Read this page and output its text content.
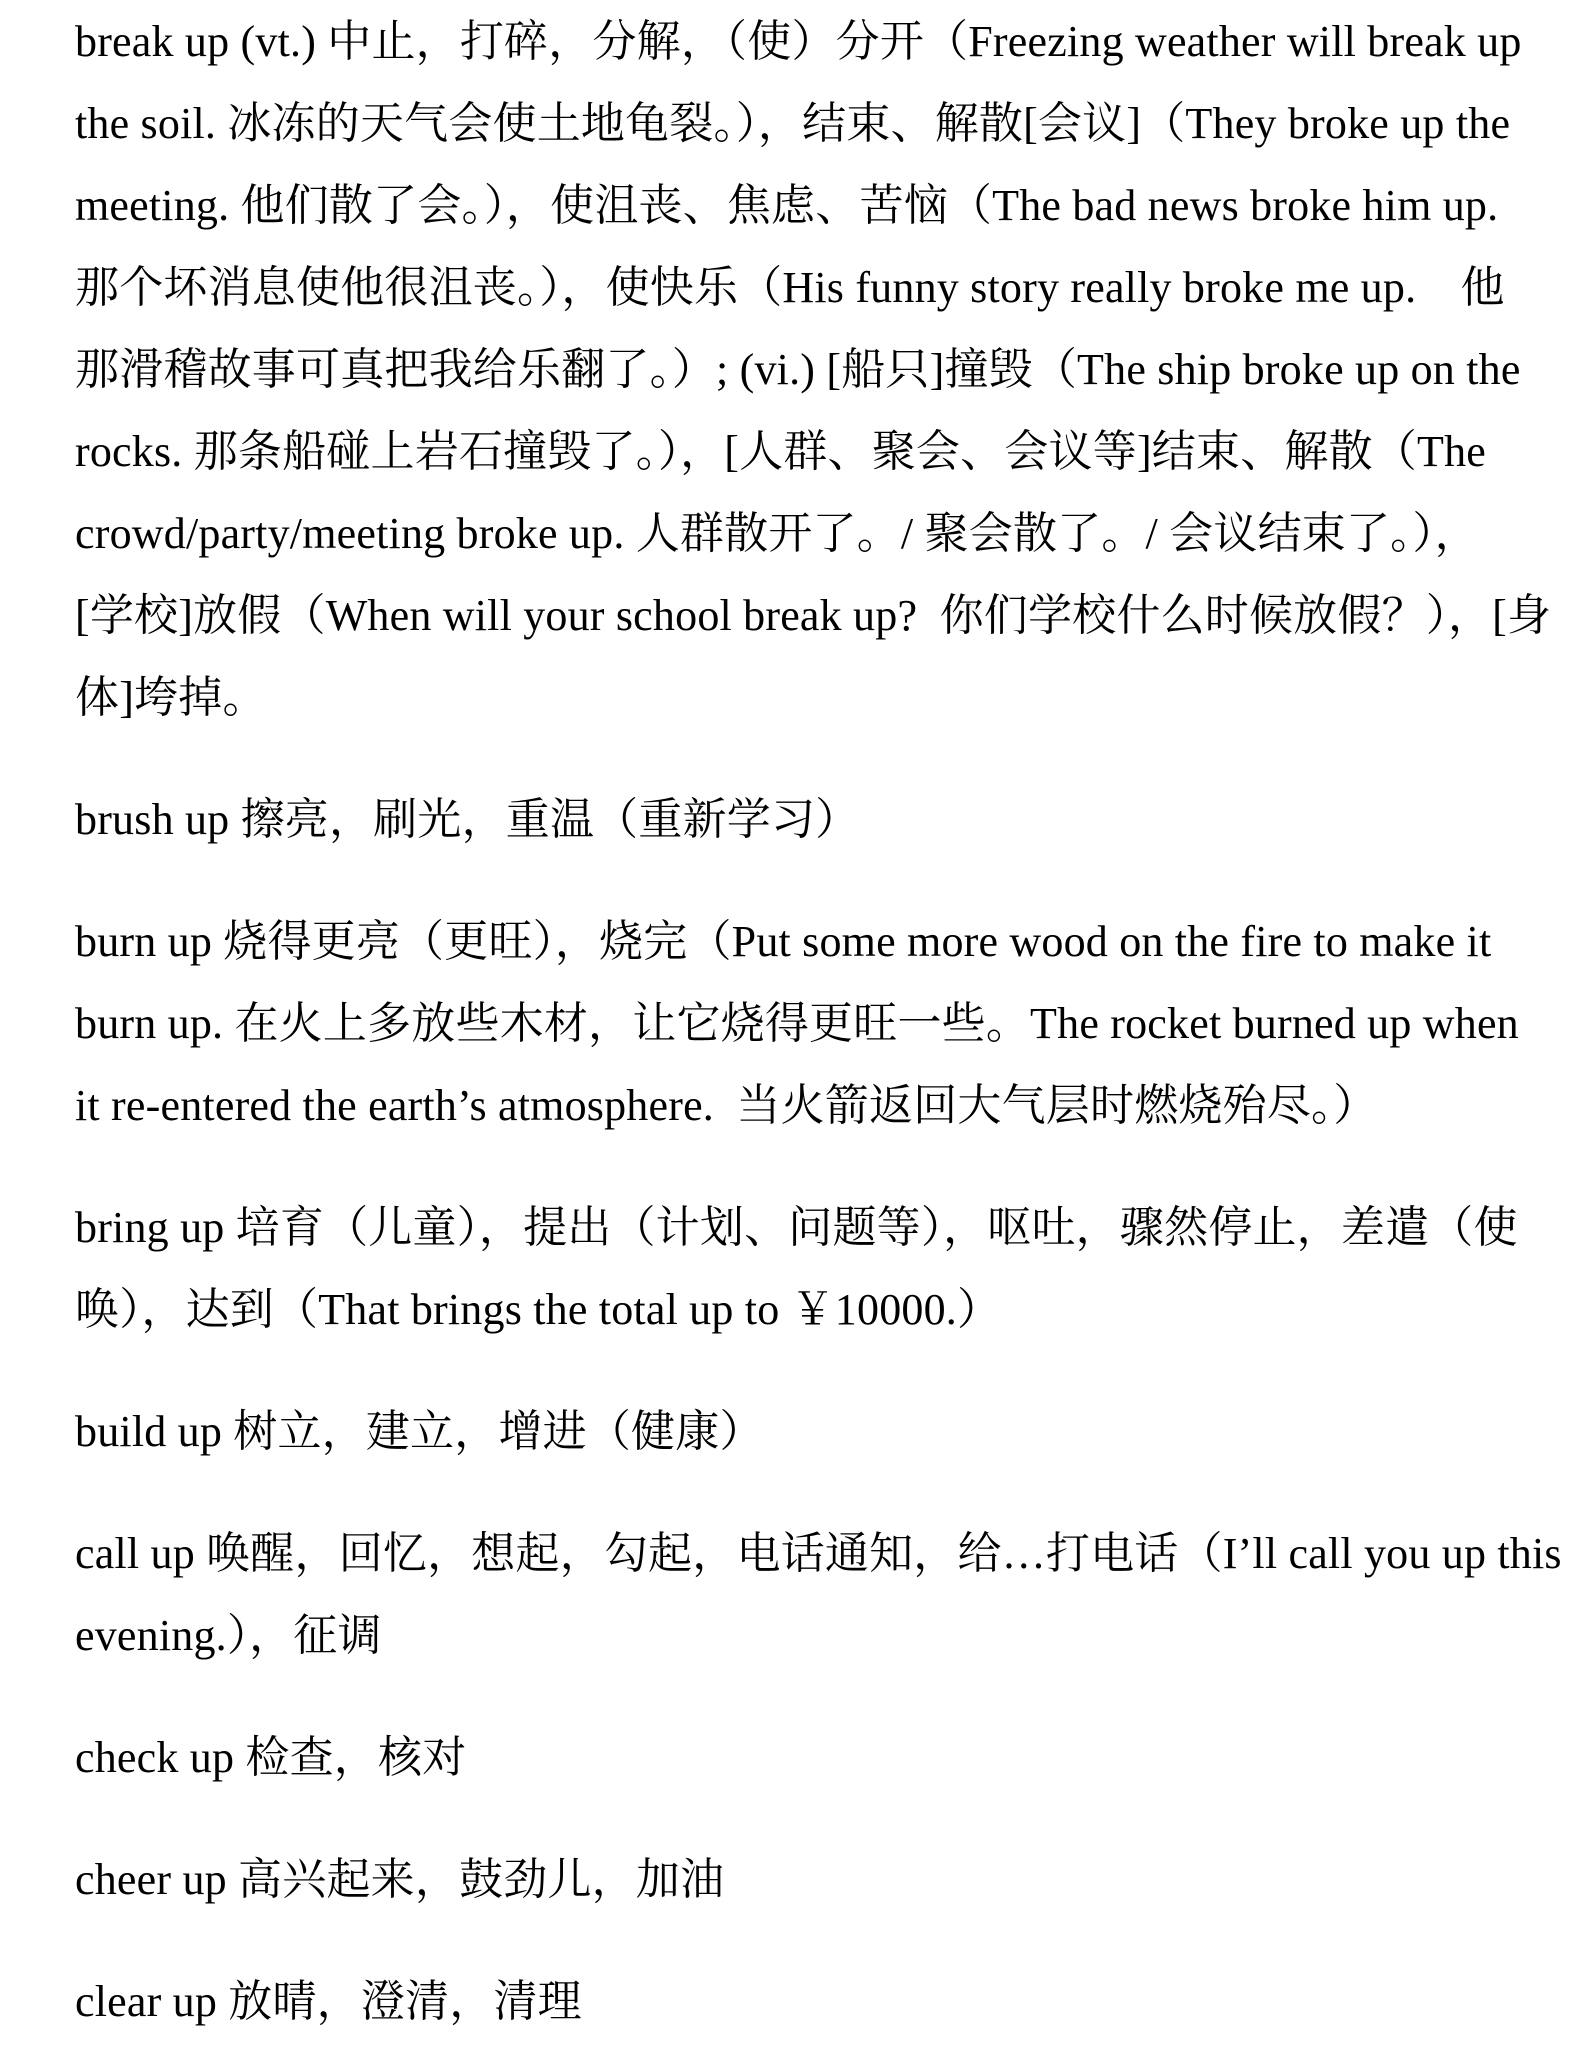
break up (vt.) 中止，打碎，分解，（使）分开（Freezing weather will break up
the soil. 冰冻的天气会使土地龟裂。），结束、解散[会议]（They broke up the
meeting. 他们散了会。），使沮丧、焦虑、苦恼（The bad news broke him up.
那个坏消息使他很沮丧。），使快乐（His funny story really broke me up.　他
那滑稽故事可真把我给乐翻了。）; (vi.) [船只]撞毁（The ship broke up on the
rocks. 那条船碰上岩石撞毁了。），[人群、聚会、会议等]结束、解散（The
crowd/party/meeting broke up. 人群散开了。/ 聚会散了。/ 会议结束了。），
[学校]放假（When will your school break up?  你们学校什么时候放假？），[身
体]垮掉。
brush up 擦亮，刷光，重温（重新学习）
burn up 烧得更亮（更旺），烧完（Put some more wood on the fire to make it
burn up. 在火上多放些木材，让它烧得更旺一些。The rocket burned up when
it re-entered the earth’s atmosphere.  当火箭返回大气层时燃烧殆尽。）
bring up 培育（儿童），提出（计划、问题等），呕吐，骤然停止，差遣（使
唤），达到（That brings the total up to ￥10000.）
build up 树立，建立，增进（健康）
call up 唤醒，回忆，想起，勾起，电话通知，给…打电话（I’ll call you up this
evening.），征调
check up 检查，核对
cheer up 高兴起来，鼓劲儿，加油
clear up 放晴，澄清，清理
